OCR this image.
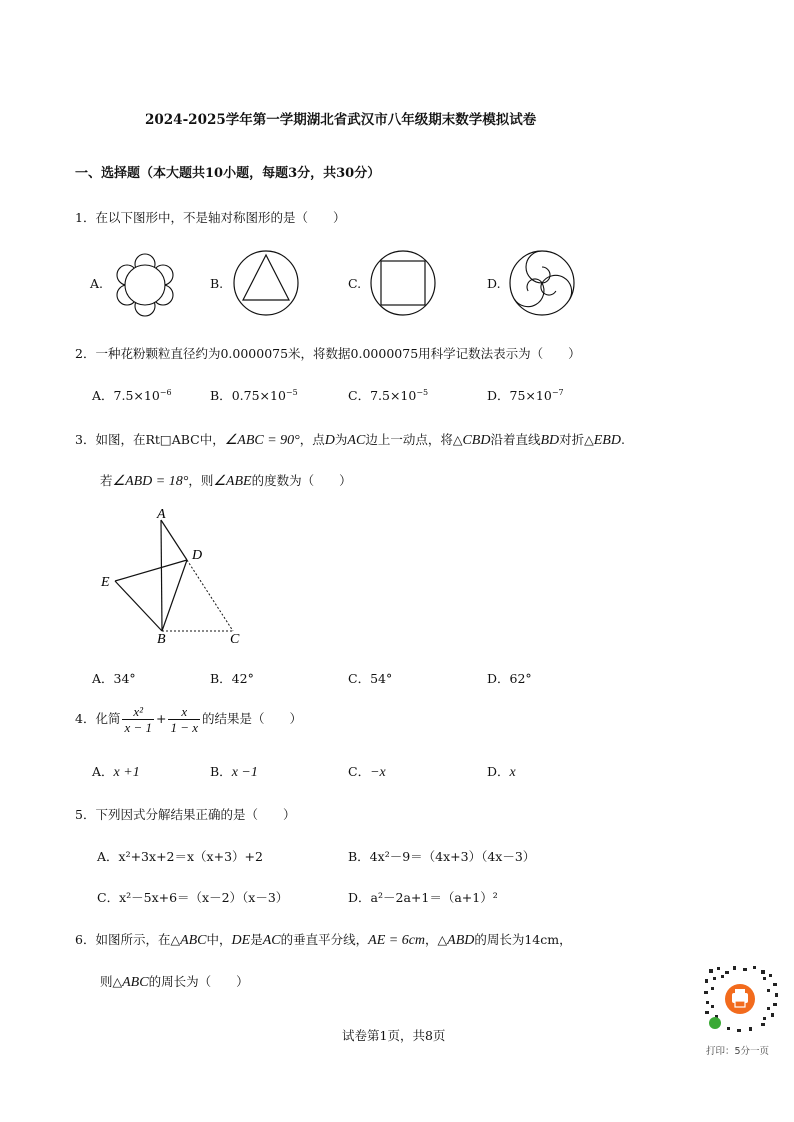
2024-2025学年第一学期湖北省武汉市八年级期末数学模拟试卷
一、选择题（本大题共10小题，每题3分，共30分）
1．在以下图形中，不是轴对称图形的是（　　）
A.	B.	C.	D.
2．一种花粉颗粒直径约为0.0000075米，将数据0.0000075用科学记数法表示为（　　）
A．$7.5\times 10^{-6}$	B．$0.75\times 10^{-5}$	C．$7.5\times 10^{-5}$	D．$75\times 10^{-7}$
3．如图，在Rt□ABC中，∠ABC = 90°，点D为AC边上一动点，将△CBD沿着直线BD对折△EBD.
若∠ABD = 18°，则∠ABE的度数为（　　）
A
D
E
B	C
A．34°	B．42°	C．54°	D．62°
4．化简 $\frac{\text{x²}}{x - 1} + \frac{x}{1 - x}$ 的结果是（　　）
A．x +1	B．x −1	C．−x	D．x
5．下列因式分解结果正确的是（　　）
A．x²+3x+2＝x（x+3）+2	B．4x²－9＝（4x+3）（4x－3）
C．x²－5x+6＝（x－2）（x－3）	D．a²－2a+1＝（a+1）²
6．如图所示，在△ABC中，DE是AC的垂直平分线，AE = 6cm，△ABD的周长为14cm，
则△ABC的周长为（　　）
打印：5分一页
试卷第1页，共8页
